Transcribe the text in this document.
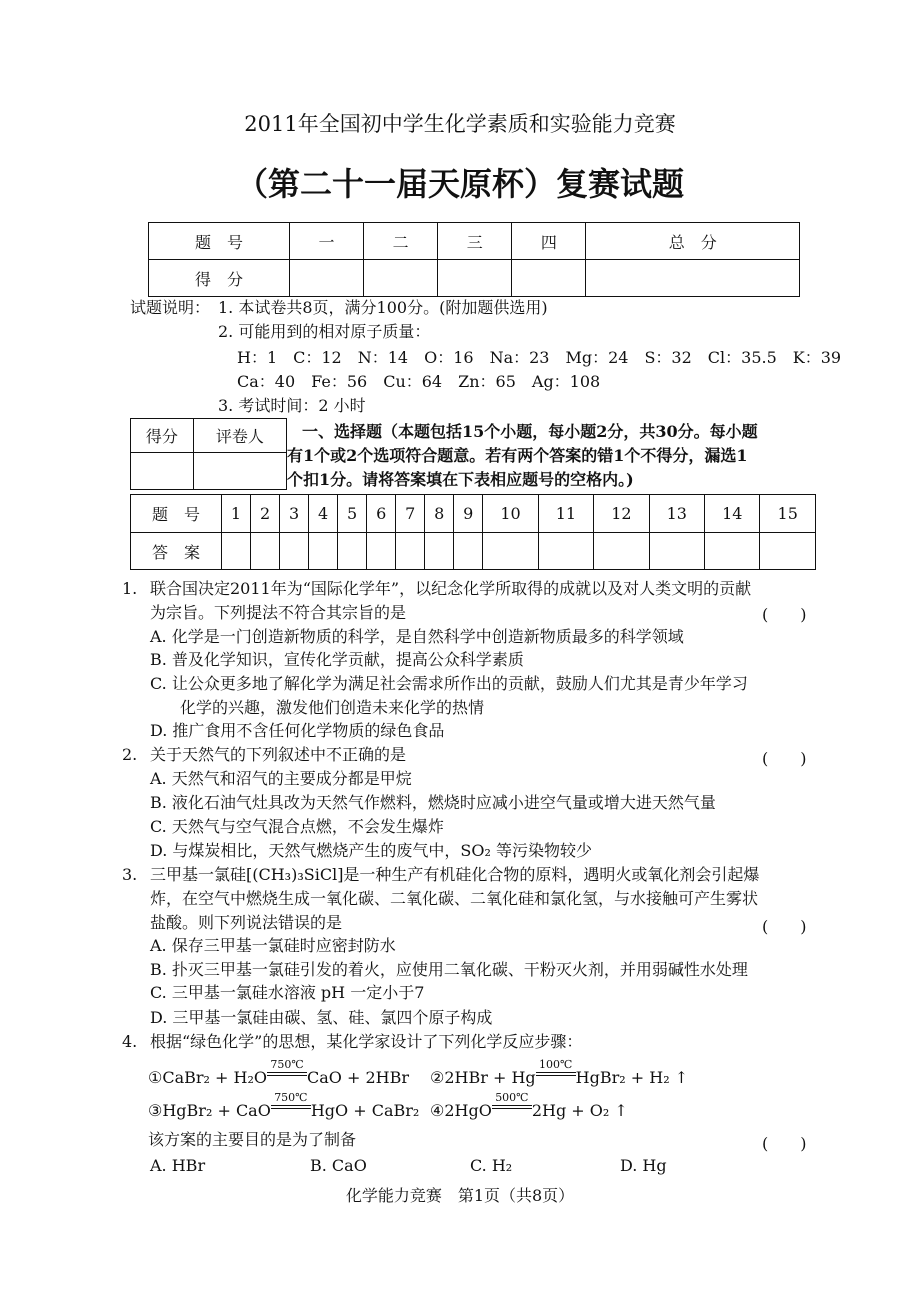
2011年全国初中学生化学素质和实验能力竞赛
（第二十一届天原杯）复赛试题
题　号	一	二	三	四	总　分
得　分					
试题说明： 1. 本试卷共8页，满分100分。(附加题供选用)
2. 可能用到的相对原子质量：
H：1　C：12　N：14　O：16　Na：23　Mg：24　S：32　Cl：35.5　K：39
Ca：40　Fe：56　Cu：64　Zn：65　Ag：108
3. 考试时间：2 小时
得分	评卷人
	一、选择题（本题包括15个小题，每小题2分，共30分。每小题
有1个或2个选项符合题意。若有两个答案的错1个不得分，漏选1
个扣1分。请将答案填在下表相应题号的空格内。)
题　号	1	2	3	4	5	6	7	8	9	10	11	12	13	14	15
答　案															
1. 联合国决定2011年为“国际化学年”，以纪念化学所取得的成就以及对人类文明的贡献
为宗旨。下列提法不符合其宗旨的是	(　　)
A. 化学是一门创造新物质的科学，是自然科学中创造新物质最多的科学领域
B. 普及化学知识，宣传化学贡献，提高公众科学素质
C. 让公众更多地了解化学为满足社会需求所作出的贡献，鼓励人们尤其是青少年学习
化学的兴趣，激发他们创造未来化学的热情
D. 推广食用不含任何化学物质的绿色食品
2. 关于天然气的下列叙述中不正确的是	(　　)
A. 天然气和沼气的主要成分都是甲烷
B. 液化石油气灶具改为天然气作燃料，燃烧时应减小进空气量或增大进天然气量
C. 天然气与空气混合点燃，不会发生爆炸
D. 与煤炭相比，天然气燃烧产生的废气中，SO₂ 等污染物较少
3. 三甲基一氯硅[(CH₃)₃SiCl]是一种生产有机硅化合物的原料，遇明火或氧化剂会引起爆
炸，在空气中燃烧生成一氧化碳、二氧化碳、二氧化硅和氯化氢，与水接触可产生雾状
盐酸。则下列说法错误的是	(　　)
A. 保存三甲基一氯硅时应密封防水
B. 扑灭三甲基一氯硅引发的着火，应使用二氧化碳、干粉灭火剂，并用弱碱性水处理
C. 三甲基一氯硅水溶液 pH 一定小于7
D. 三甲基一氯硅由碳、氢、硅、氯四个原子构成
4. 根据“绿色化学”的思想，某化学家设计了下列化学反应步骤：
①CaBr₂ + H₂O750℃
CaO + 2HBr ②2HBr + Hg100℃
HgBr₂ + H₂ ↑
③HgBr₂ + CaO750℃
HgO + CaBr₂ ④2HgO500℃
2Hg + O₂ ↑
该方案的主要目的是为了制备	(　　)
A. HBr	B. CaO	C. H₂	D. Hg
化学能力竞赛　第1页（共8页）
